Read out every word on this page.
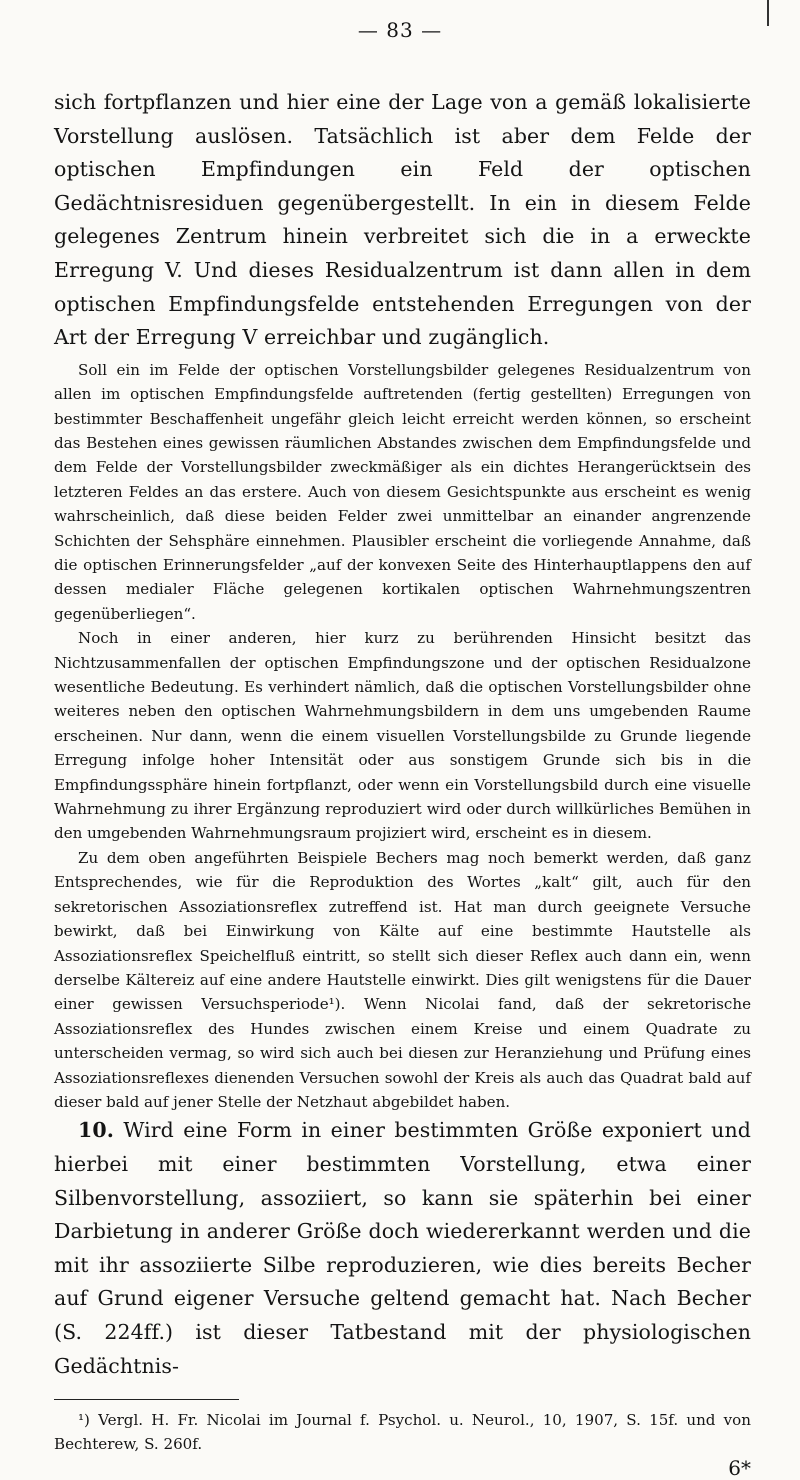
— 83 —

sich fortpflanzen und hier eine der Lage von a gemäß lokalisierte Vorstellung auslösen. Tatsächlich ist aber dem Felde der optischen Empfindungen ein Feld der optischen Gedächtnisresiduen gegenübergestellt. In ein in diesem Felde gelegenes Zentrum hinein verbreitet sich die in a erweckte Erregung V. Und dieses Residualzentrum ist dann allen in dem optischen Empfindungsfelde entstehenden Erregungen von der Art der Erregung V erreichbar und zugänglich.

Soll ein im Felde der optischen Vorstellungsbilder gelegenes Residualzentrum von allen im optischen Empfindungsfelde auftretenden (fertig gestellten) Erregungen von bestimmter Beschaffenheit ungefähr gleich leicht erreicht werden können, so erscheint das Bestehen eines gewissen räumlichen Abstandes zwischen dem Empfindungsfelde und dem Felde der Vorstellungsbilder zweckmäßiger als ein dichtes Herangerücktsein des letzteren Feldes an das erstere. Auch von diesem Gesichtspunkte aus erscheint es wenig wahrscheinlich, daß diese beiden Felder zwei unmittelbar an einander angrenzende Schichten der Sehsphäre einnehmen. Plausibler erscheint die vorliegende Annahme, daß die optischen Erinnerungsfelder „auf der konvexen Seite des Hinterhauptlappens den auf dessen medialer Fläche gelegenen kortikalen optischen Wahrnehmungszentren gegenüberliegen“.

Noch in einer anderen, hier kurz zu berührenden Hinsicht besitzt das Nichtzusammenfallen der optischen Empfindungszone und der optischen Residualzone wesentliche Bedeutung. Es verhindert nämlich, daß die optischen Vorstellungsbilder ohne weiteres neben den optischen Wahrnehmungsbildern in dem uns umgebenden Raume erscheinen. Nur dann, wenn die einem visuellen Vorstellungsbilde zu Grunde liegende Erregung infolge hoher Intensität oder aus sonstigem Grunde sich bis in die Empfindungssphäre hinein fortpflanzt, oder wenn ein Vorstellungsbild durch eine visuelle Wahrnehmung zu ihrer Ergänzung reproduziert wird oder durch willkürliches Bemühen in den umgebenden Wahrnehmungsraum projiziert wird, erscheint es in diesem.

Zu dem oben angeführten Beispiele Bechers mag noch bemerkt werden, daß ganz Entsprechendes, wie für die Reproduktion des Wortes „kalt“ gilt, auch für den sekretorischen Assoziationsreflex zutreffend ist. Hat man durch geeignete Versuche bewirkt, daß bei Einwirkung von Kälte auf eine bestimmte Hautstelle als Assoziationsreflex Speichelfluß eintritt, so stellt sich dieser Reflex auch dann ein, wenn derselbe Kältereiz auf eine andere Hautstelle einwirkt. Dies gilt wenigstens für die Dauer einer gewissen Versuchsperiode¹). Wenn Nicolai fand, daß der sekretorische Assoziationsreflex des Hundes zwischen einem Kreise und einem Quadrate zu unterscheiden vermag, so wird sich auch bei diesen zur Heranziehung und Prüfung eines Assoziationsreflexes dienenden Versuchen sowohl der Kreis als auch das Quadrat bald auf dieser bald auf jener Stelle der Netzhaut abgebildet haben.

10. Wird eine Form in einer bestimmten Größe exponiert und hierbei mit einer bestimmten Vorstellung, etwa einer Silbenvorstellung, assoziiert, so kann sie späterhin bei einer Darbietung in anderer Größe doch wiedererkannt werden und die mit ihr assoziierte Silbe reproduzieren, wie dies bereits Becher auf Grund eigener Versuche geltend gemacht hat. Nach Becher (S. 224ff.) ist dieser Tatbestand mit der physiologischen Gedächtnis-

¹) Vergl. H. Fr. Nicolai im Journal f. Psychol. u. Neurol., 10, 1907, S. 15f. und von Bechterew, S. 260f.

6*
